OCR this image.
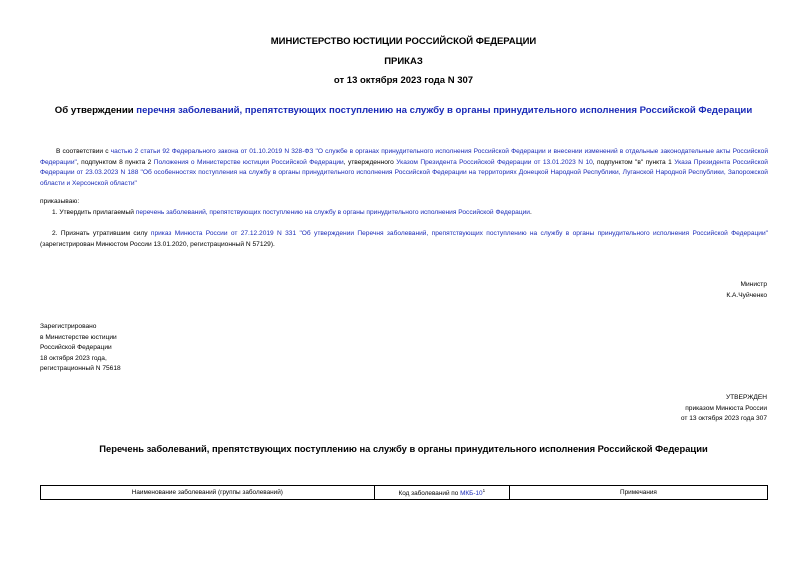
МИНИСТЕРСТВО ЮСТИЦИИ РОССИЙСКОЙ ФЕДЕРАЦИИ
ПРИКАЗ
от 13 октября 2023 года N 307
Об утверждении перечня заболеваний, препятствующих поступлению на службу в органы принудительного исполнения Российской Федерации
В соответствии с частью 2 статьи 92 Федерального закона от 01.10.2019 N 328-ФЗ "О службе в органах принудительного исполнения Российской Федерации и внесении изменений в отдельные законодательные акты Российской Федерации", подпунктом 8 пункта 2 Положения о Министерстве юстиции Российской Федерации, утвержденного Указом Президента Российской Федерации от 13.01.2023 N 10, подпунктом "в" пункта 1 Указа Президента Российской Федерации от 23.03.2023 N 188 "Об особенностях поступления на службу в органы принудительного исполнения Российской Федерации на территориях Донецкой Народной Республики, Луганской Народной Республики, Запорожской области и Херсонской области"
приказываю:
1. Утвердить прилагаемый перечень заболеваний, препятствующих поступлению на службу в органы принудительного исполнения Российской Федерации.
2. Признать утратившим силу приказ Минюста России от 27.12.2019 N 331 "Об утверждении Перечня заболеваний, препятствующих поступлению на службу в органы принудительного исполнения Российской Федерации" (зарегистрирован Минюстом России 13.01.2020, регистрационный N 57129).
Министр
К.А.Чуйченко
Зарегистрировано
в Министерстве юстиции
Российской Федерации
18 октября 2023 года,
регистрационный N 75618
УТВЕРЖДЕН
приказом Минюста России
от 13 октября 2023 года 307
Перечень заболеваний, препятствующих поступлению на службу в органы принудительного исполнения Российской Федерации
Наименование заболеваний (группы заболеваний)	Код заболеваний по МКБ-$10^1$	Примечания
